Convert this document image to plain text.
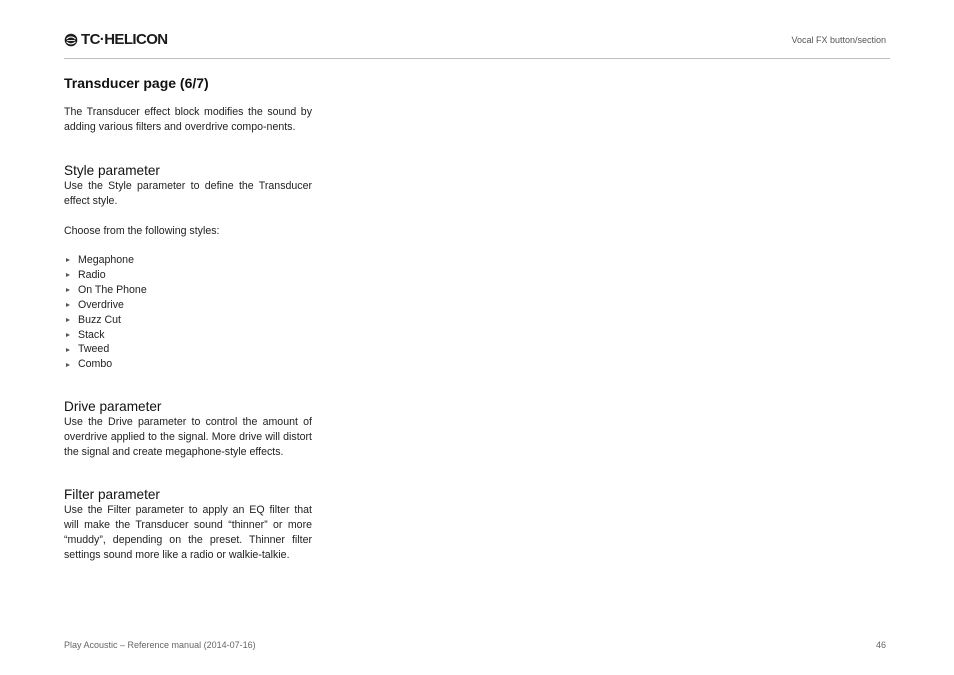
TC·HELICON	Vocal FX button/section
Transducer page (6/7)

The Transducer effect block modifies the sound by adding various filters and overdrive compo-nents.

Style parameter

Use the Style parameter to define the Transducer effect style.

Choose from the following styles:

Megaphone
Radio
On The Phone
Overdrive
Buzz Cut
Stack
Tweed
Combo
Drive parameter

Use the Drive parameter to control the amount of overdrive applied to the signal. More drive will distort the signal and create megaphone-style effects.

Filter parameter

Use the Filter parameter to apply an EQ filter that will make the Transducer sound “thinner” or more “muddy”, depending on the preset. Thinner filter settings sound more like a radio or walkie-talkie.

Play Acoustic – Reference manual (2014-07-16)	46
